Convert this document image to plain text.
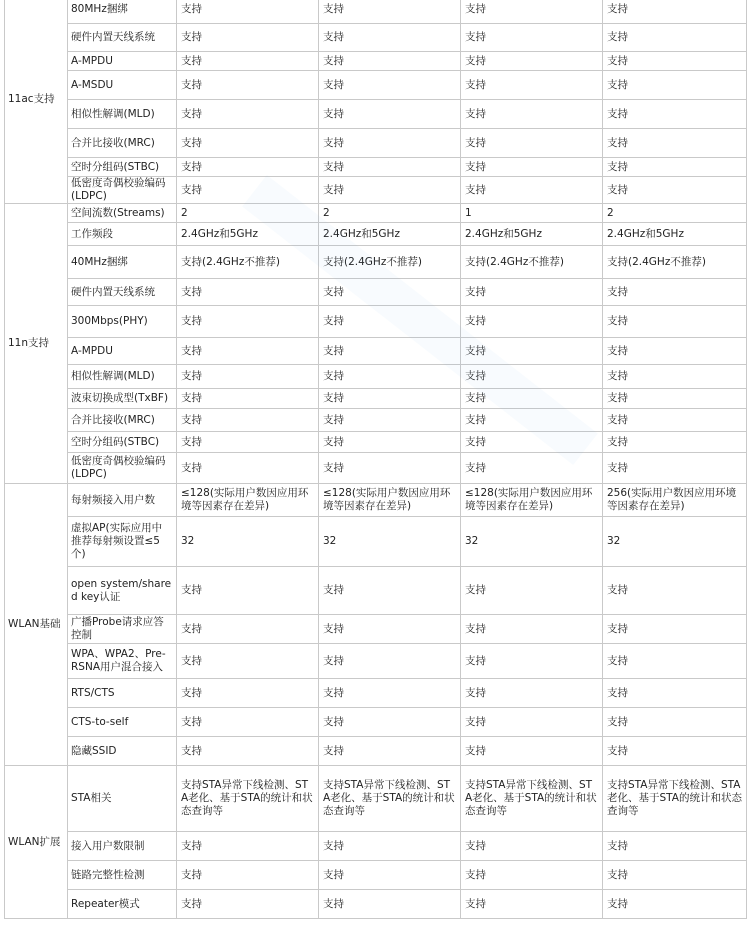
11ac支持	80MHz捆绑	支持	支持	支持	支持
	硬件内置天线系统	支持	支持	支持	支持
	A-MPDU	支持	支持	支持	支持
	A-MSDU	支持	支持	支持	支持
	相似性解调(MLD)	支持	支持	支持	支持
	合并比接收(MRC)	支持	支持	支持	支持
	空时分组码(STBC)	支持	支持	支持	支持
	低密度奇偶校验编码(LDPC)	支持	支持	支持	支持
11n支持	空间流数(Streams)	2	2	1	2
	工作频段	2.4GHz和5GHz	2.4GHz和5GHz	2.4GHz和5GHz	2.4GHz和5GHz
	40MHz捆绑	支持(2.4GHz不推荐)	支持(2.4GHz不推荐)	支持(2.4GHz不推荐)	支持(2.4GHz不推荐)
	硬件内置天线系统	支持	支持	支持	支持
	300Mbps(PHY)	支持	支持	支持	支持
	A-MPDU	支持	支持	支持	支持
	相似性解调(MLD)	支持	支持	支持	支持
	波束切换成型(TxBF)	支持	支持	支持	支持
	合并比接收(MRC)	支持	支持	支持	支持
	空时分组码(STBC)	支持	支持	支持	支持
	低密度奇偶校验编码(LDPC)	支持	支持	支持	支持
WLAN基础	每射频接入用户数	≤128(实际用户数因应用环境等因素存在差异)	≤128(实际用户数因应用环境等因素存在差异)	≤128(实际用户数因应用环境等因素存在差异)	256(实际用户数因应用环境等因素存在差异)
	虚拟AP(实际应用中推荐每射频设置≤5个)	32	32	32	32
	open system/shared key认证	支持	支持	支持	支持
	广播Probe请求应答控制	支持	支持	支持	支持
	WPA、WPA2、Pre-RSNA用户混合接入	支持	支持	支持	支持
	RTS/CTS	支持	支持	支持	支持
	CTS-to-self	支持	支持	支持	支持
	隐藏SSID	支持	支持	支持	支持
WLAN扩展	STA相关	支持STA异常下线检测、STA老化、基于STA的统计和状态查询等	支持STA异常下线检测、STA老化、基于STA的统计和状态查询等	支持STA异常下线检测、STA老化、基于STA的统计和状态查询等	支持STA异常下线检测、STA老化、基于STA的统计和状态查询等
	接入用户数限制	支持	支持	支持	支持
	链路完整性检测	支持	支持	支持	支持
	Repeater模式	支持	支持	支持	支持
